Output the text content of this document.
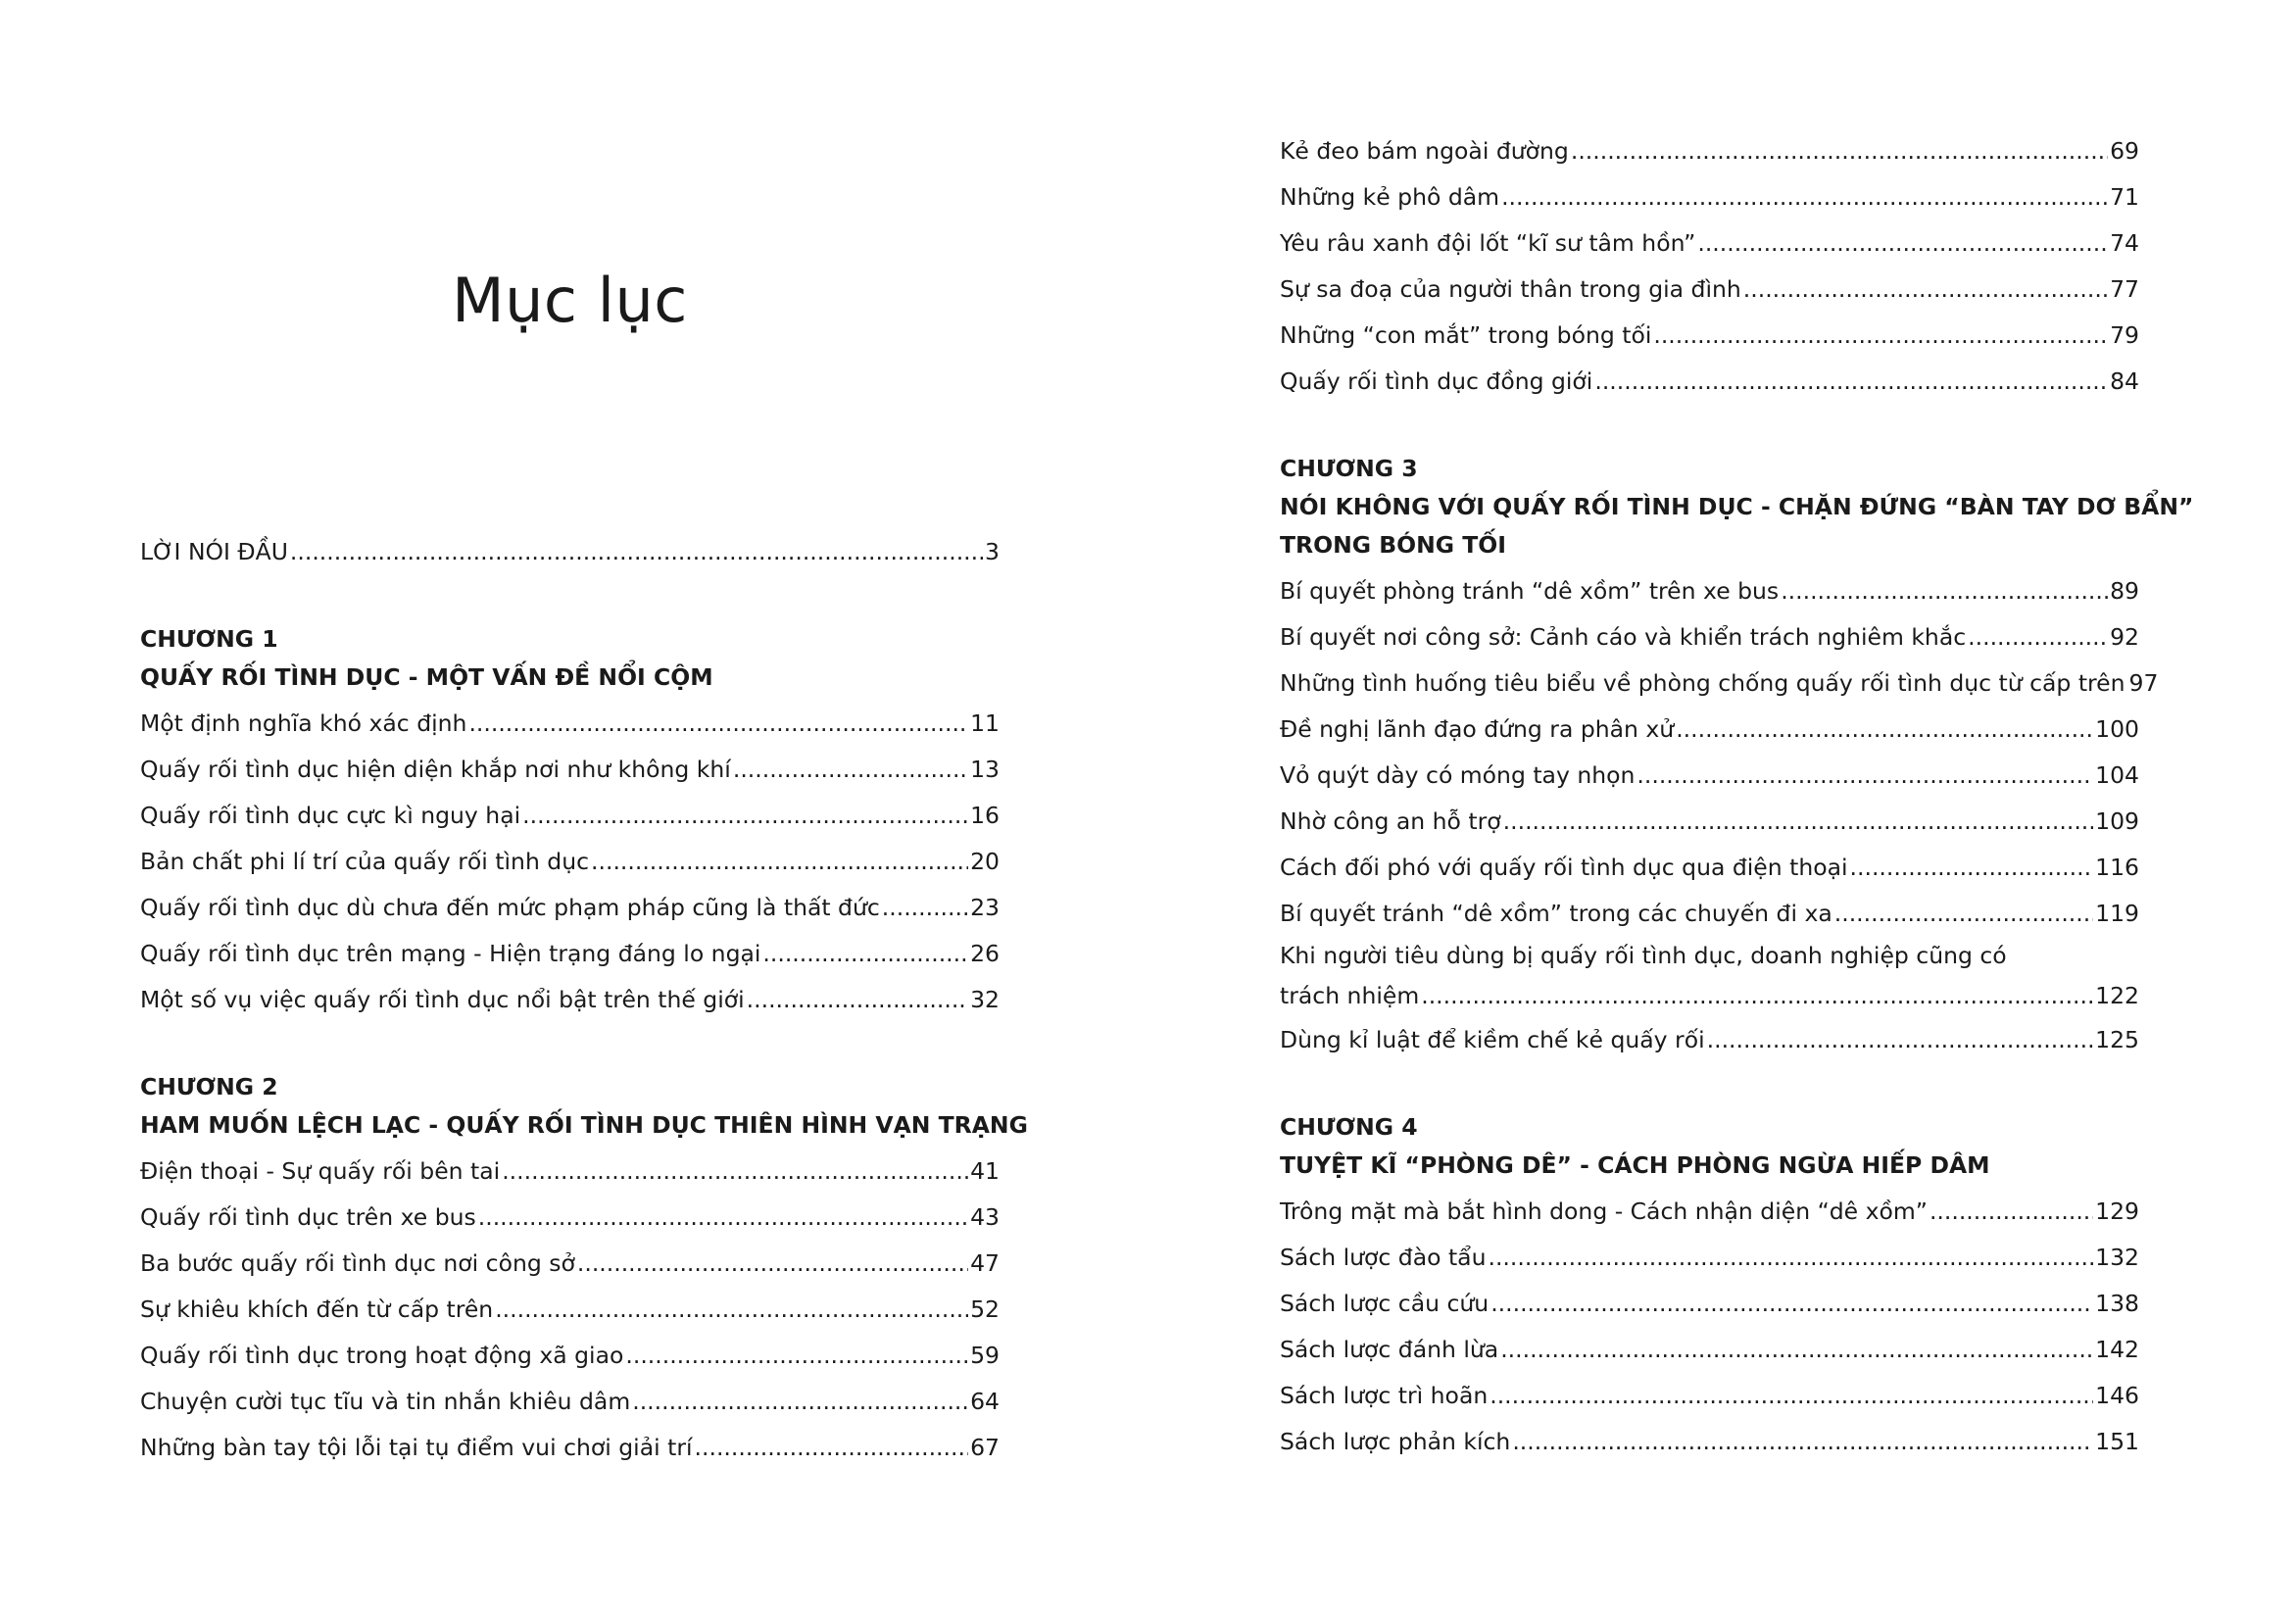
Mục lục
LỜI NÓI ĐẦU .....	3

CHƯƠNG 1

QUẤY RỐI TÌNH DỤC - MỘT VẤN ĐỀ NỔI CỘM

Một định nghĩa khó xác định .....	11
Quấy rối tình dục hiện diện khắp nơi như không khí .....	13
Quấy rối tình dục cực kì nguy hại .....	16
Bản chất phi lí trí của quấy rối tình dục .....	20
Quấy rối tình dục dù chưa đến mức phạm pháp cũng là thất đức .....	23
Quấy rối tình dục trên mạng - Hiện trạng đáng lo ngại .....	26
Một số vụ việc quấy rối tình dục nổi bật trên thế giới .....	32

CHƯƠNG 2

HAM MUỐN LỆCH LẠC - QUẤY RỐI TÌNH DỤC THIÊN HÌNH VẠN TRẠNG

Điện thoại - Sự quấy rối bên tai .....	41
Quấy rối tình dục trên xe bus .....	43
Ba bước quấy rối tình dục nơi công sở .....	47
Sự khiêu khích đến từ cấp trên .....	52
Quấy rối tình dục trong hoạt động xã giao .....	59
Chuyện cười tục tĩu và tin nhắn khiêu dâm .....	64
Những bàn tay tội lỗi tại tụ điểm vui chơi giải trí .....	67
Kẻ đeo bám ngoài đường .....	69
Những kẻ phô dâm .....	71
Yêu râu xanh đội lốt “kĩ sư tâm hồn” .....	74
Sự sa đoạ của người thân trong gia đình .....	77
Những “con mắt” trong bóng tối .....	79
Quấy rối tình dục đồng giới .....	84

CHƯƠNG 3

NÓI KHÔNG VỚI QUẤY RỐI TÌNH DỤC - CHẶN ĐỨNG “BÀN TAY DƠ BẨN”

TRONG BÓNG TỐI

Bí quyết phòng tránh “dê xồm” trên xe bus .....	89
Bí quyết nơi công sở: Cảnh cáo và khiển trách nghiêm khắc .....	92
Những tình huống tiêu biểu về phòng chống quấy rối tình dục từ cấp trên 97
Đề nghị lãnh đạo đứng ra phân xử .....	100
Vỏ quýt dày có móng tay nhọn .....	104
Nhờ công an hỗ trợ .....	109
Cách đối phó với quấy rối tình dục qua điện thoại .....	116
Bí quyết tránh “dê xồm” trong các chuyến đi xa .....	119
Khi người tiêu dùng bị quấy rối tình dục, doanh nghiệp cũng có
trách nhiệm .....	122
Dùng kỉ luật để kiềm chế kẻ quấy rối .....	125

CHƯƠNG 4

TUYỆT KĨ “PHÒNG DÊ” - CÁCH PHÒNG NGỪA HIẾP DÂM

Trông mặt mà bắt hình dong - Cách nhận diện “dê xồm” .....	129
Sách lược đào tẩu .....	132
Sách lược cầu cứu .....	138
Sách lược đánh lừa .....	142
Sách lược trì hoãn .....	146
Sách lược phản kích .....	151
